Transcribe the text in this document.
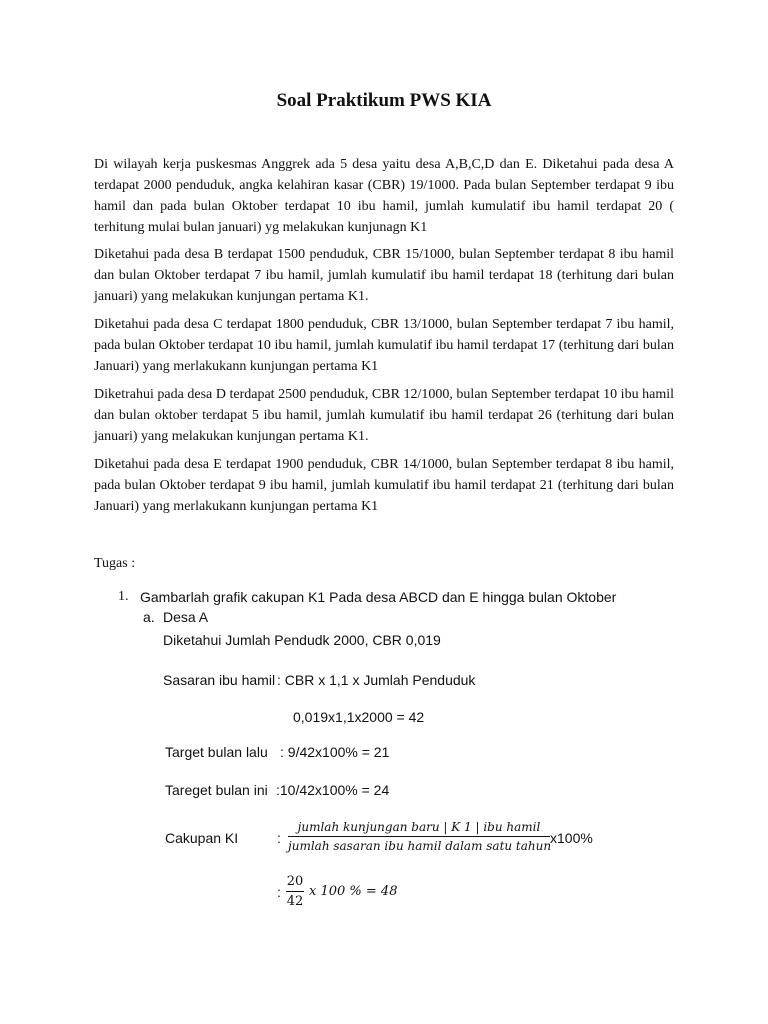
Soal Praktikum PWS KIA

Di wilayah kerja puskesmas Anggrek ada 5 desa yaitu desa A,B,C,D dan E. Diketahui pada desa A terdapat 2000 penduduk, angka kelahiran kasar (CBR) 19/1000. Pada bulan September terdapat 9 ibu hamil dan pada bulan Oktober terdapat 10 ibu hamil, jumlah kumulatif ibu hamil terdapat 20 ( terhitung mulai bulan januari) yg melakukan kunjunagn K1

Diketahui pada desa B terdapat 1500 penduduk, CBR 15/1000, bulan September terdapat 8 ibu hamil dan bulan Oktober terdapat 7 ibu hamil, jumlah kumulatif ibu hamil terdapat 18 (terhitung dari bulan januari) yang melakukan kunjungan pertama K1.

Diketahui pada desa C terdapat 1800 penduduk, CBR 13/1000, bulan September terdapat 7 ibu hamil, pada bulan Oktober terdapat 10 ibu hamil, jumlah kumulatif ibu hamil terdapat 17 (terhitung dari bulan Januari) yang merlakukann kunjungan pertama K1

Diketrahui pada desa D terdapat 2500 penduduk, CBR 12/1000, bulan September terdapat 10 ibu hamil dan bulan oktober terdapat 5 ibu hamil, jumlah kumulatif ibu hamil terdapat 26 (terhitung dari bulan januari) yang melakukan kunjungan pertama K1.

Diketahui pada desa E terdapat 1900 penduduk, CBR 14/1000, bulan September terdapat 8 ibu hamil, pada bulan Oktober terdapat 9 ibu hamil, jumlah kumulatif ibu hamil terdapat 21 (terhitung dari bulan Januari) yang merlakukann kunjungan pertama K1

Tugas :
1. Gambarlah grafik cakupan K1 Pada desa ABCD dan E hingga bulan Oktober
a. Desa A
Diketahui Jumlah Pendudk 2000, CBR 0,019
Sasaran ibu hamil : CBR x 1,1 x Jumlah Penduduk
0,019x1,1x2000 = 42
Target bulan lalu : 9/42x100% = 21
Tareget bulan ini :10/42x100% = 24
Cakupan KI	:
jumlah kunjungan baru | K 1 | ibu hamil
jumlah sasaran ibu hamil dalam satu tahun
x100%
:
20
42
x 100 % = 48
